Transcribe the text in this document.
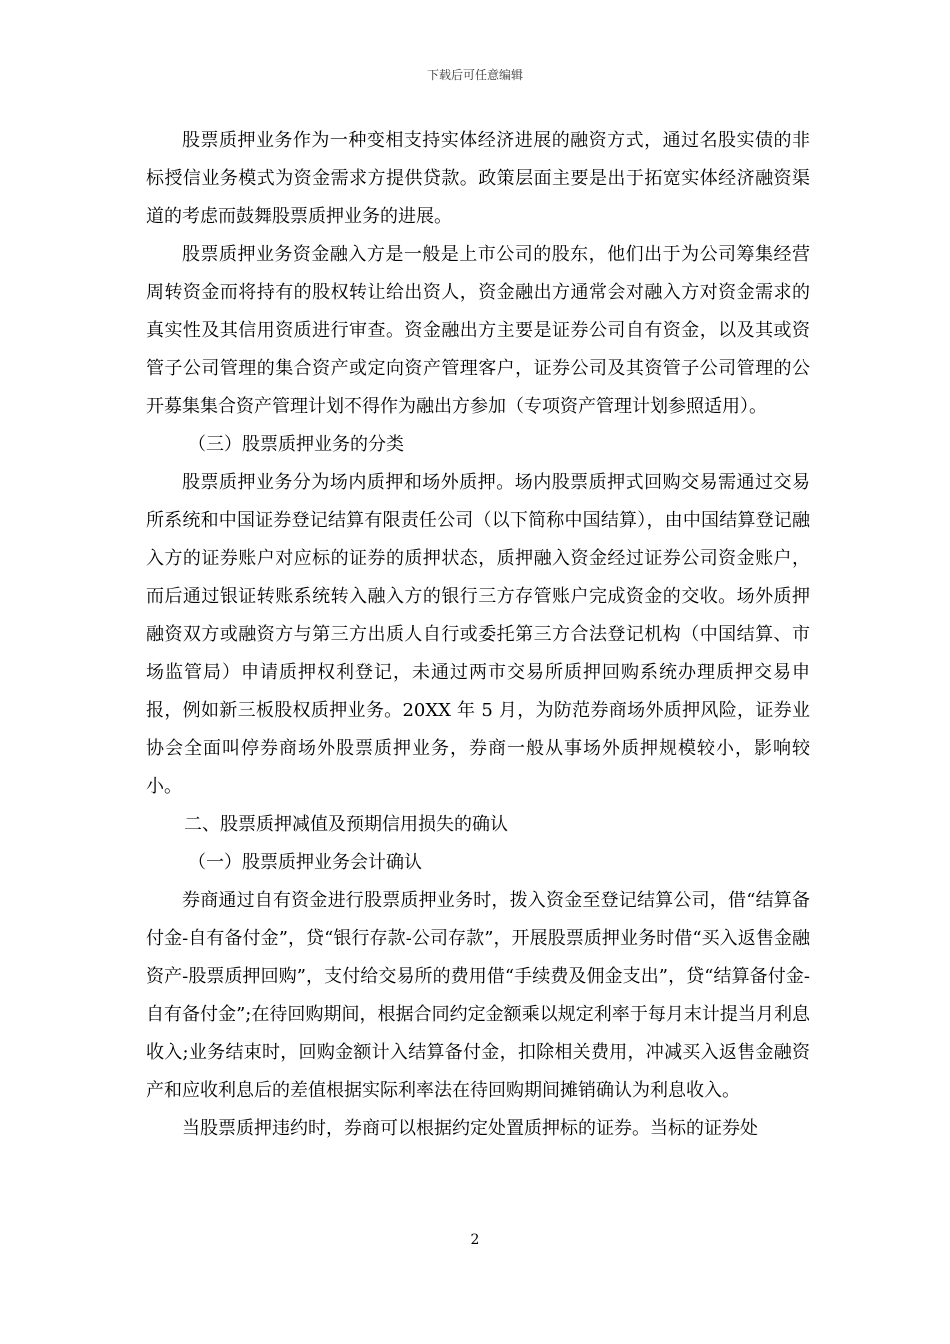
下载后可任意编辑

股票质押业务作为一种变相支持实体经济进展的融资方式，通过名股实债的非标授信业务模式为资金需求方提供贷款。政策层面主要是出于拓宽实体经济融资渠道的考虑而鼓舞股票质押业务的进展。

股票质押业务资金融入方是一般是上市公司的股东，他们出于为公司筹集经营周转资金而将持有的股权转让给出资人，资金融出方通常会对融入方对资金需求的真实性及其信用资质进行审查。资金融出方主要是证券公司自有资金，以及其或资管子公司管理的集合资产或定向资产管理客户，证券公司及其资管子公司管理的公开募集集合资产管理计划不得作为融出方参加（专项资产管理计划参照适用）。

（三）股票质押业务的分类

股票质押业务分为场内质押和场外质押。场内股票质押式回购交易需通过交易所系统和中国证券登记结算有限责任公司（以下简称中国结算），由中国结算登记融入方的证券账户对应标的证券的质押状态，质押融入资金经过证券公司资金账户，而后通过银证转账系统转入融入方的银行三方存管账户完成资金的交收。场外质押融资双方或融资方与第三方出质人自行或委托第三方合法登记机构（中国结算、市场监管局）申请质押权利登记，未通过两市交易所质押回购系统办理质押交易申报，例如新三板股权质押业务。20XX 年 5 月，为防范券商场外质押风险，证券业协会全面叫停券商场外股票质押业务，券商一般从事场外质押规模较小，影响较小。

二、股票质押减值及预期信用损失的确认

（一）股票质押业务会计确认

券商通过自有资金进行股票质押业务时，拨入资金至登记结算公司，借“结算备付金-自有备付金”，贷“银行存款-公司存款”，开展股票质押业务时借“买入返售金融资产-股票质押回购”，支付给交易所的费用借“手续费及佣金支出”，贷“结算备付金-自有备付金”;在待回购期间，根据合同约定金额乘以规定利率于每月末计提当月利息收入;业务结束时，回购金额计入结算备付金，扣除相关费用，冲减买入返售金融资产和应收利息后的差值根据实际利率法在待回购期间摊销确认为利息收入。

当股票质押违约时，券商可以根据约定处置质押标的证券。当标的证券处

2
